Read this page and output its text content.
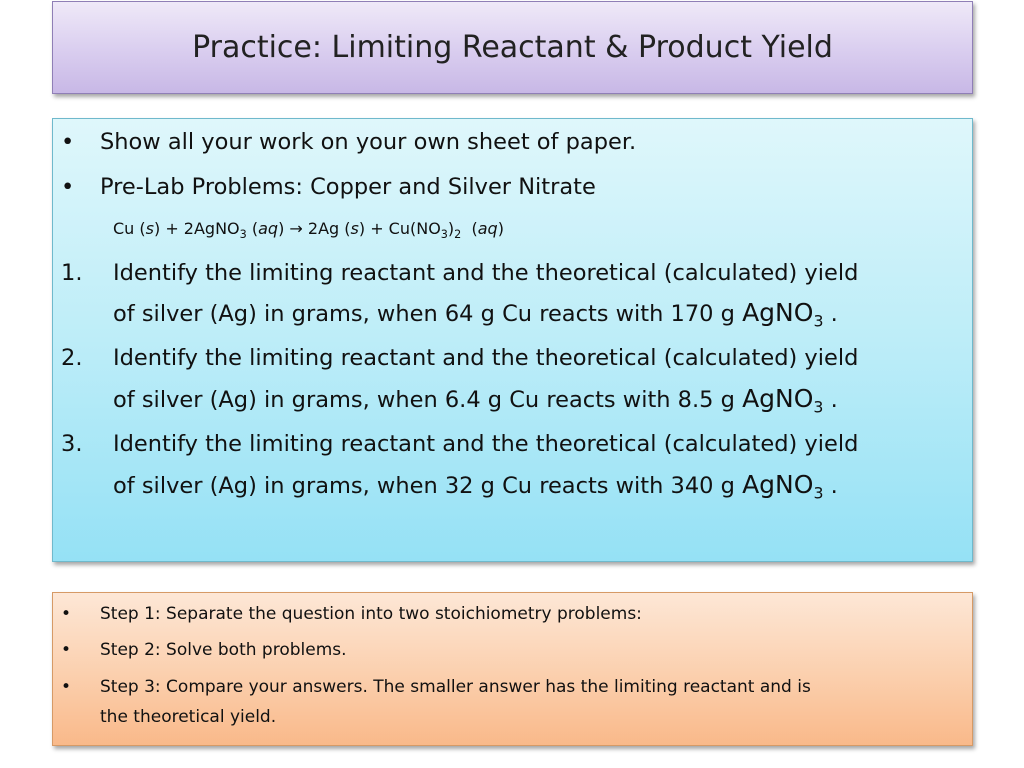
Practice: Limiting Reactant & Product Yield
• Show all your work on your own sheet of paper.
• Pre-Lab Problems: Copper and Silver Nitrate
Cu (s) + 2AgNO$_3$ (aq) → 2Ag $(s) + Cu(NO_3)_2$  (aq)
1. Identify the limiting reactant and the theoretical (calculated) yield
of silver (Ag) in grams, when 64 g Cu reacts with 170 g AgNO$_3$ .
2. Identify the limiting reactant and the theoretical (calculated) yield
of silver (Ag) in grams, when 6.4 g Cu reacts with 8.5 g AgNO$_3$ .
3. Identify the limiting reactant and the theoretical (calculated) yield
of silver (Ag) in grams, when 32 g Cu reacts with 340 g AgNO$_3$ .
• Step 1: Separate the question into two stoichiometry problems:
• Step 2: Solve both problems.
• Step 3: Compare your answers. The smaller answer has the limiting reactant and is
the theoretical yield.
